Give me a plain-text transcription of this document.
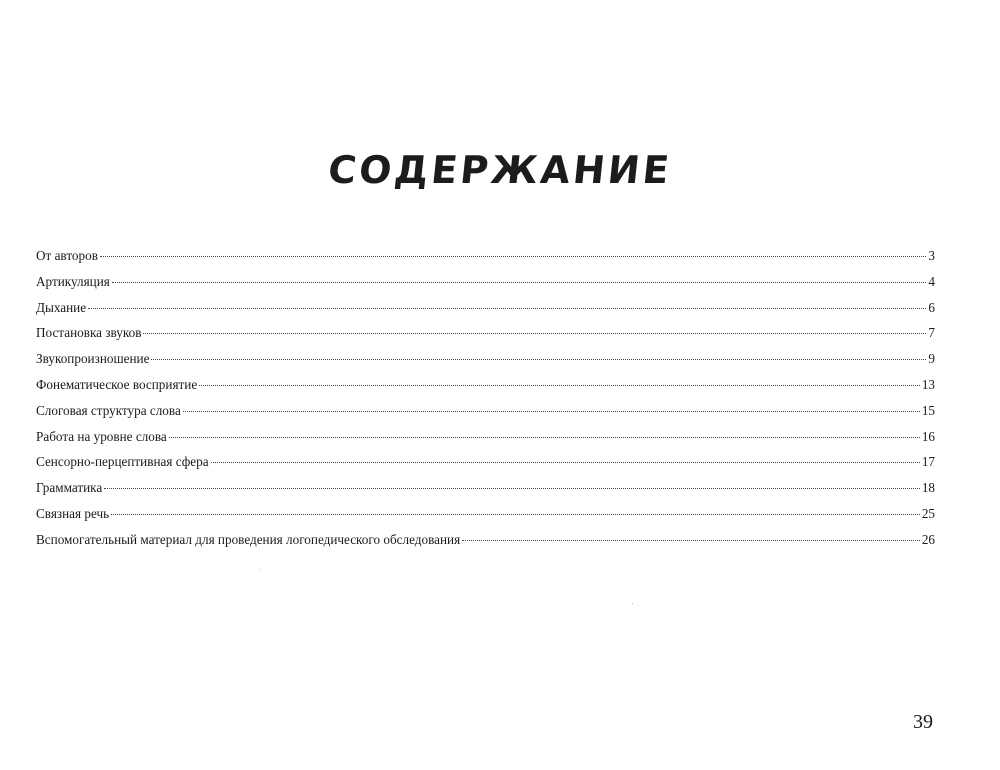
СОДЕРЖАНИЕ
От авторов	3
Артикуляция	4
Дыхание	6
Постановка звуков	7
Звукопроизношение	9
Фонематическое восприятие	13
Слоговая структура слова	15
Работа на уровне слова	16
Сенсорно-перцептивная сфера	17
Грамматика	18
Связная речь	25
Вспомогательный материал для проведения логопедического обследования	26
39
